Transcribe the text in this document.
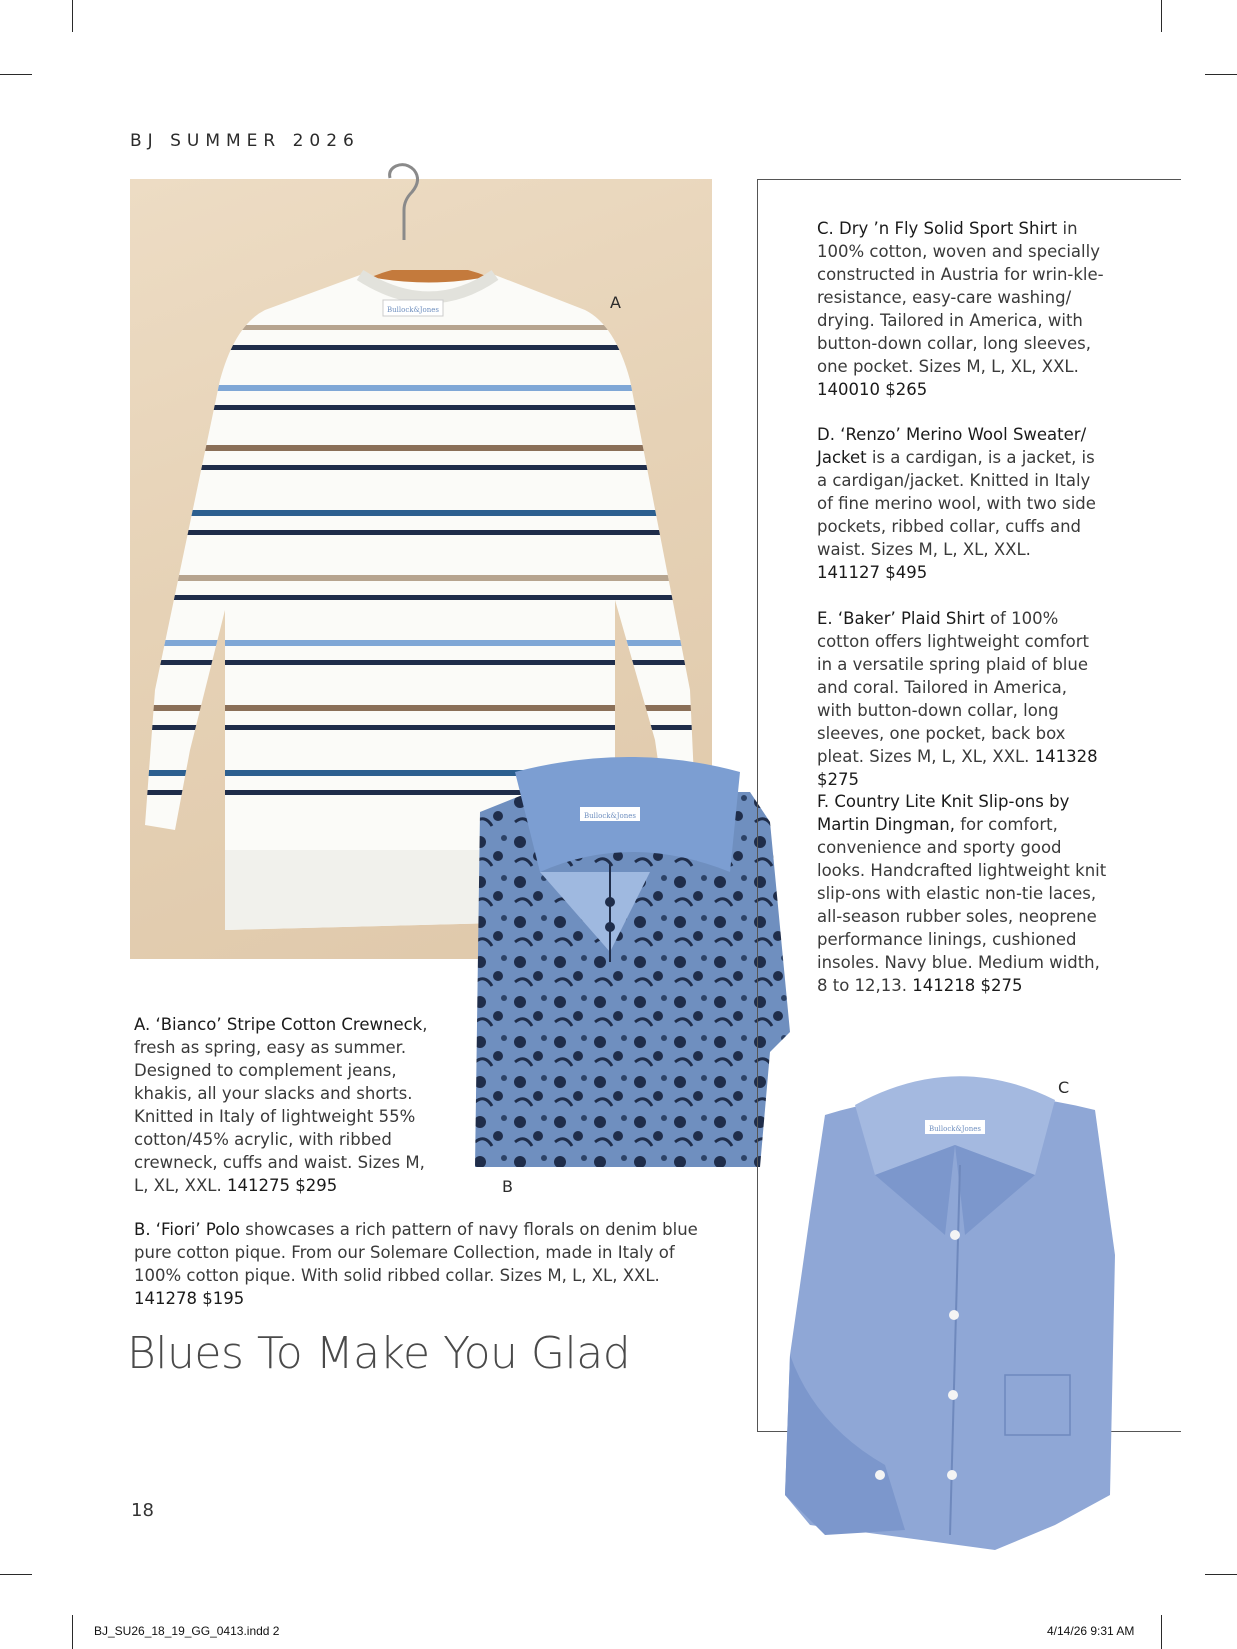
BJ SUMMER 2026
Bullock&Jones	A
Bullock&Jones
B
Bullock&Jones
C

C. Dry ’n Fly Solid Sport Shirt in 100% cotton, woven and specially constructed in Austria for wrin-kle-resistance, easy-care washing/ drying. Tailored in America, with button-down collar, long sleeves, one pocket. Sizes M, L, XL, XXL.
140010 $265

D. ‘Renzo’ Merino Wool Sweater/ Jacket is a cardigan, is a jacket, is a cardigan/jacket. Knitted in Italy of fine merino wool, with two side pockets, ribbed collar, cuffs and waist. Sizes M, L, XL, XXL.
141127 $495

E. ‘Baker’ Plaid Shirt of 100% cotton offers lightweight comfort in a versatile spring plaid of blue and coral. Tailored in America, with button-down collar, long sleeves, one pocket, back box pleat. Sizes M, L, XL, XXL. 141328 $275

F. Country Lite Knit Slip-ons by Martin Dingman, for comfort, convenience and sporty good looks. Handcrafted lightweight knit slip-ons with elastic non-tie laces, all-season rubber soles, neoprene performance linings, cushioned insoles. Navy blue. Medium width, 8 to 12,13. 141218 $275

A. ‘Bianco’ Stripe Cotton Crewneck, fresh as spring, easy as summer. Designed to complement jeans, khakis, all your slacks and shorts. Knitted in Italy of lightweight 55% cotton/45% acrylic, with ribbed crewneck, cuffs and waist. Sizes M, L, XL, XXL. 141275 $295

B. ‘Fiori’ Polo showcases a rich pattern of navy florals on denim blue pure cotton pique. From our Solemare Collection, made in Italy of 100% cotton pique. With solid ribbed collar. Sizes M, L, XL, XXL. 141278 $195

Blues To Make You Glad
18
BJ_SU26_18_19_GG_0413.indd 2	4/14/26 9:31 AM
